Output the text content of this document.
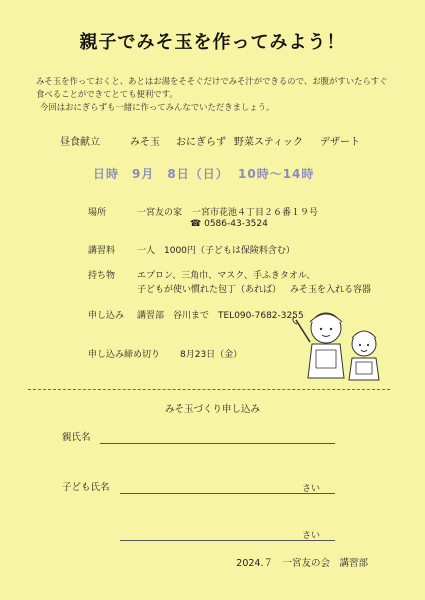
親子でみそ玉を作ってみよう！
みそ玉を作っておくと、あとはお湯をそそぐだけでみそ汁ができるので、お腹がすいたらすぐ
食べることができてとても便利です。
今回はおにぎらずも一緒に作ってみんなでいただきましょう。
昼食献立	みそ玉 おにぎらず 野菜スティック デザート
日時 9月　8日（日） 10時～14時
場所	一宮友の家 一宮市花池４丁目２６番１９号
☎ 0586-43-3524
講習料 一人　1000円（子どもは保険料含む）
持ち物 エプロン、三角巾、マスク、手ふきタオル、
子どもが使い慣れた包丁（あれば） みそ玉を入れる容器
申し込み 講習部　谷川まで　TEL090-7682-3255
申し込み締め切り 8月23日（金）
みそ玉づくり申し込み
親氏名
子ども氏名	さい
さい
2024.７　一宮友の会　講習部
